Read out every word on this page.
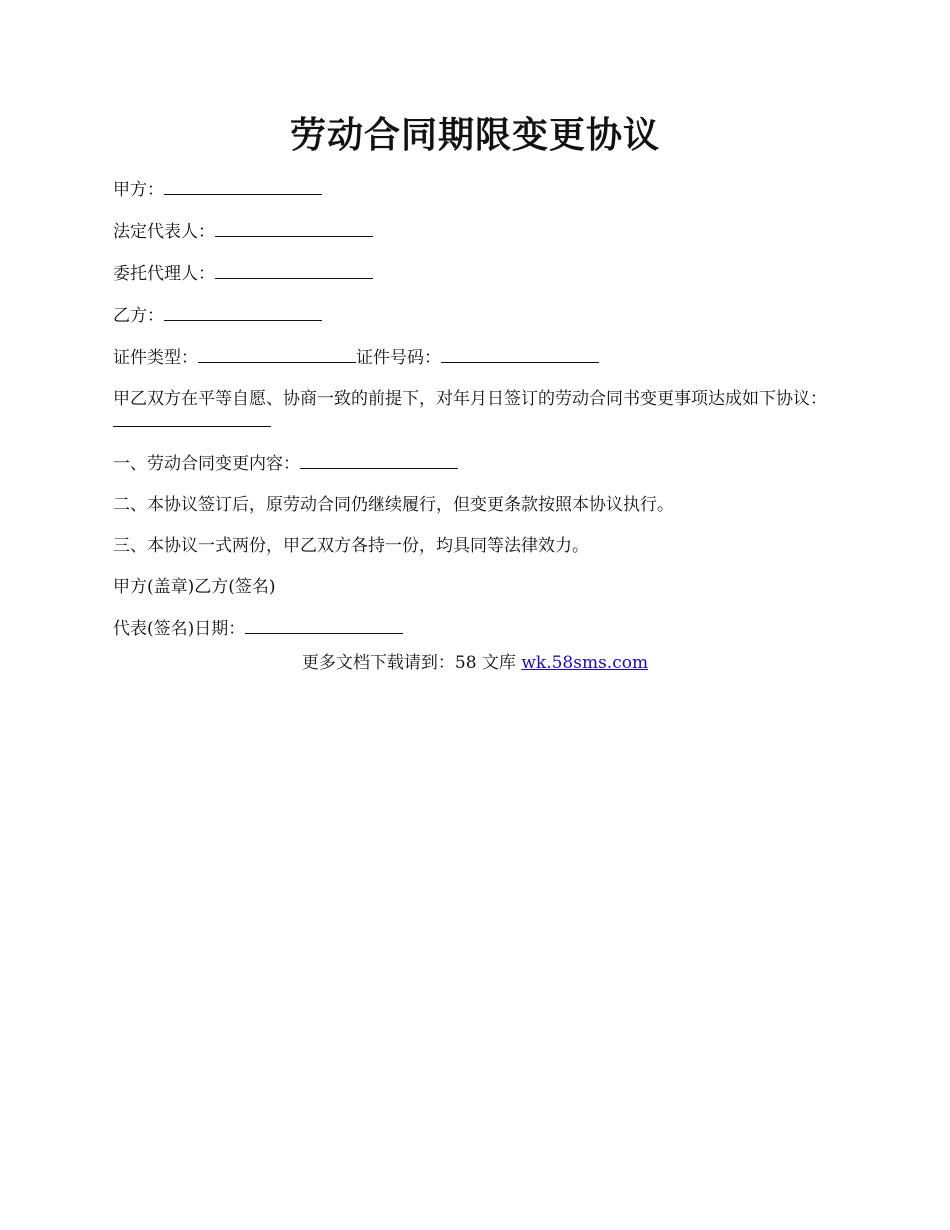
劳动合同期限变更协议

甲方：

法定代表人：

委托代理人：

乙方：

证件类型：	证件号码：

甲乙双方在平等自愿、协商一致的前提下，对年月日签订的劳动合同书变更事项达成如下协议：

一、劳动合同变更内容：

二、本协议签订后，原劳动合同仍继续履行，但变更条款按照本协议执行。

三、本协议一式两份，甲乙双方各持一份，均具同等法律效力。

甲方(盖章)乙方(签名)

代表(签名)日期：

更多文档下载请到：58 文库 wk.58sms.com
